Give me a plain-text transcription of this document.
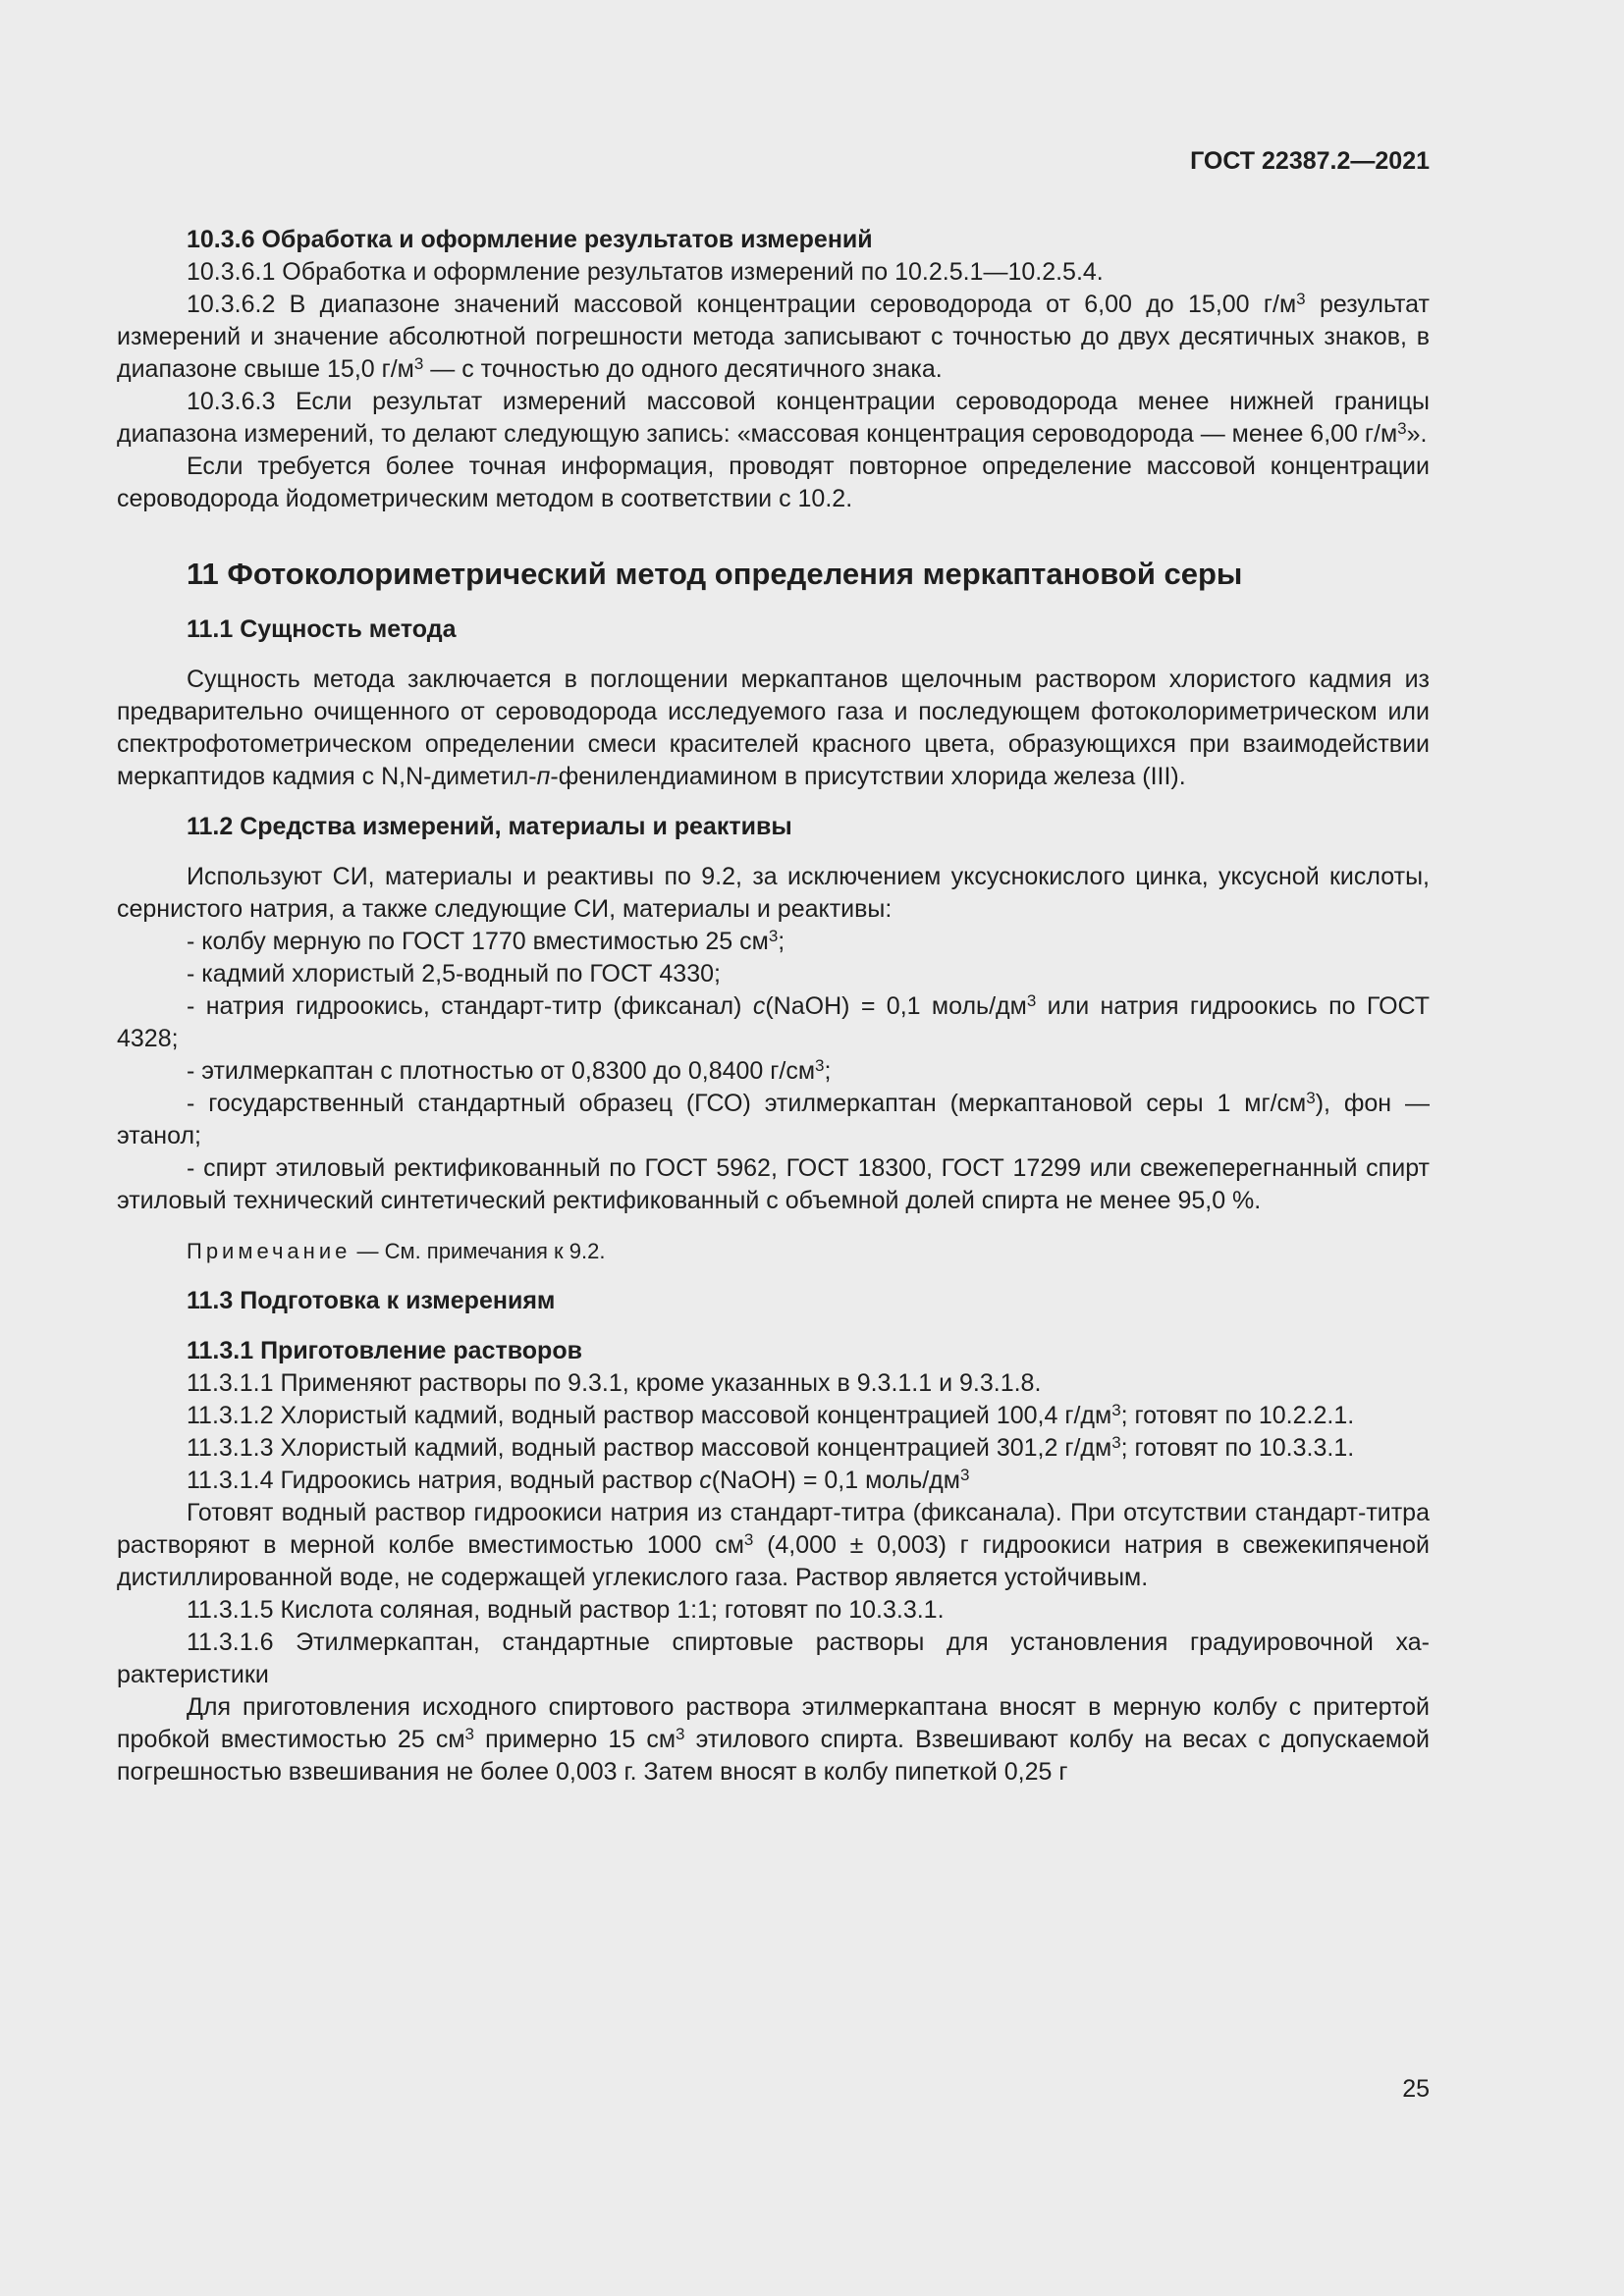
ГОСТ 22387.2—2021

10.3.6 Обработка и оформление результатов измерений

10.3.6.1 Обработка и оформление результатов измерений по 10.2.5.1—10.2.5.4.

10.3.6.2 В диапазоне значений массовой концентрации сероводорода от 6,00 до 15,00 $г/м^3$ результат измерений и значение абсолютной погрешности метода записывают с точностью до двух десятичных знаков, в диапазоне свыше 15,0 $г/м^3$ — с точностью до одного десятичного знака.

10.3.6.3 Если результат измерений массовой концентрации сероводорода менее нижней границы диапазона измерений, то делают следующую запись: «массовая концентрация сероводорода — менее 6,00 $г/м^3$».

Если требуется более точная информация, проводят повторное определение массовой концентрации сероводорода йодометрическим методом в соответствии с 10.2.

11 Фотоколориметрический метод определения меркаптановой серы

11.1 Сущность метода

Сущность метода заключается в поглощении меркаптанов щелочным раствором хлористого кадмия из предварительно очищенного от сероводорода исследуемого газа и последующем фотоколориметрическом или спектрофотометрическом определении смеси красителей красного цвета, образующихся при взаимодействии меркаптидов кадмия с N,N-диметил-п-фенилендиамином в присутствии хлорида железа (III).

11.2 Средства измерений, материалы и реактивы

Используют СИ, материалы и реактивы по 9.2, за исключением уксуснокислого цинка, уксусной кислоты, сернистого натрия, а также следующие СИ, материалы и реактивы:

- колбу мерную по ГОСТ 1770 вместимостью 25 $см^3$;

- кадмий хлористый 2,5-водный по ГОСТ 4330;

- натрия гидроокись, стандарт-титр (фиксанал) c(NaOH) = 0,1 моль/$дм^3$ или натрия гидроокись по ГОСТ 4328;

- этилмеркаптан с плотностью от 0,8300 до 0,8400 $г/см^3$;

- государственный стандартный образец (ГСО) этилмеркаптан (меркаптановой серы 1 $мг/см^3$), фон — этанол;

- спирт этиловый ректификованный по ГОСТ 5962, ГОСТ 18300, ГОСТ 17299 или свежеперегнанный спирт этиловый технический синтетический ректификованный с объемной долей спирта не менее 95,0 %.

Примечание — См. примечания к 9.2.

11.3 Подготовка к измерениям

11.3.1 Приготовление растворов

11.3.1.1 Применяют растворы по 9.3.1, кроме указанных в 9.3.1.1 и 9.3.1.8.

11.3.1.2 Хлористый кадмий, водный раствор массовой концентрацией 100,4 $г/дм^3$; готовят по 10.2.2.1.

11.3.1.3 Хлористый кадмий, водный раствор массовой концентрацией 301,2 $г/дм^3$; готовят по 10.3.3.1.

11.3.1.4 Гидроокись натрия, водный раствор c(NaOH) = 0,1 моль/$дм^3$

Готовят водный раствор гидроокиси натрия из стандарт-титра (фиксанала). При отсутствии стандарт-титра растворяют в мерной колбе вместимостью 1000 $см^3$ (4,000 ± 0,003) г гидроокиси натрия в свежекипяченой дистиллированной воде, не содержащей углекислого газа. Раствор является устойчивым.

11.3.1.5 Кислота соляная, водный раствор 1:1; готовят по 10.3.3.1.

11.3.1.6 Этилмеркаптан, стандартные спиртовые растворы для установления градуировочной характеристики

Для приготовления исходного спиртового раствора этилмеркаптана вносят в мерную колбу с притертой пробкой вместимостью 25 $см^3$ примерно 15 $см^3$ этилового спирта. Взвешивают колбу на весах с допускаемой погрешностью взвешивания не более 0,003 г. Затем вносят в колбу пипеткой 0,25 г

25
